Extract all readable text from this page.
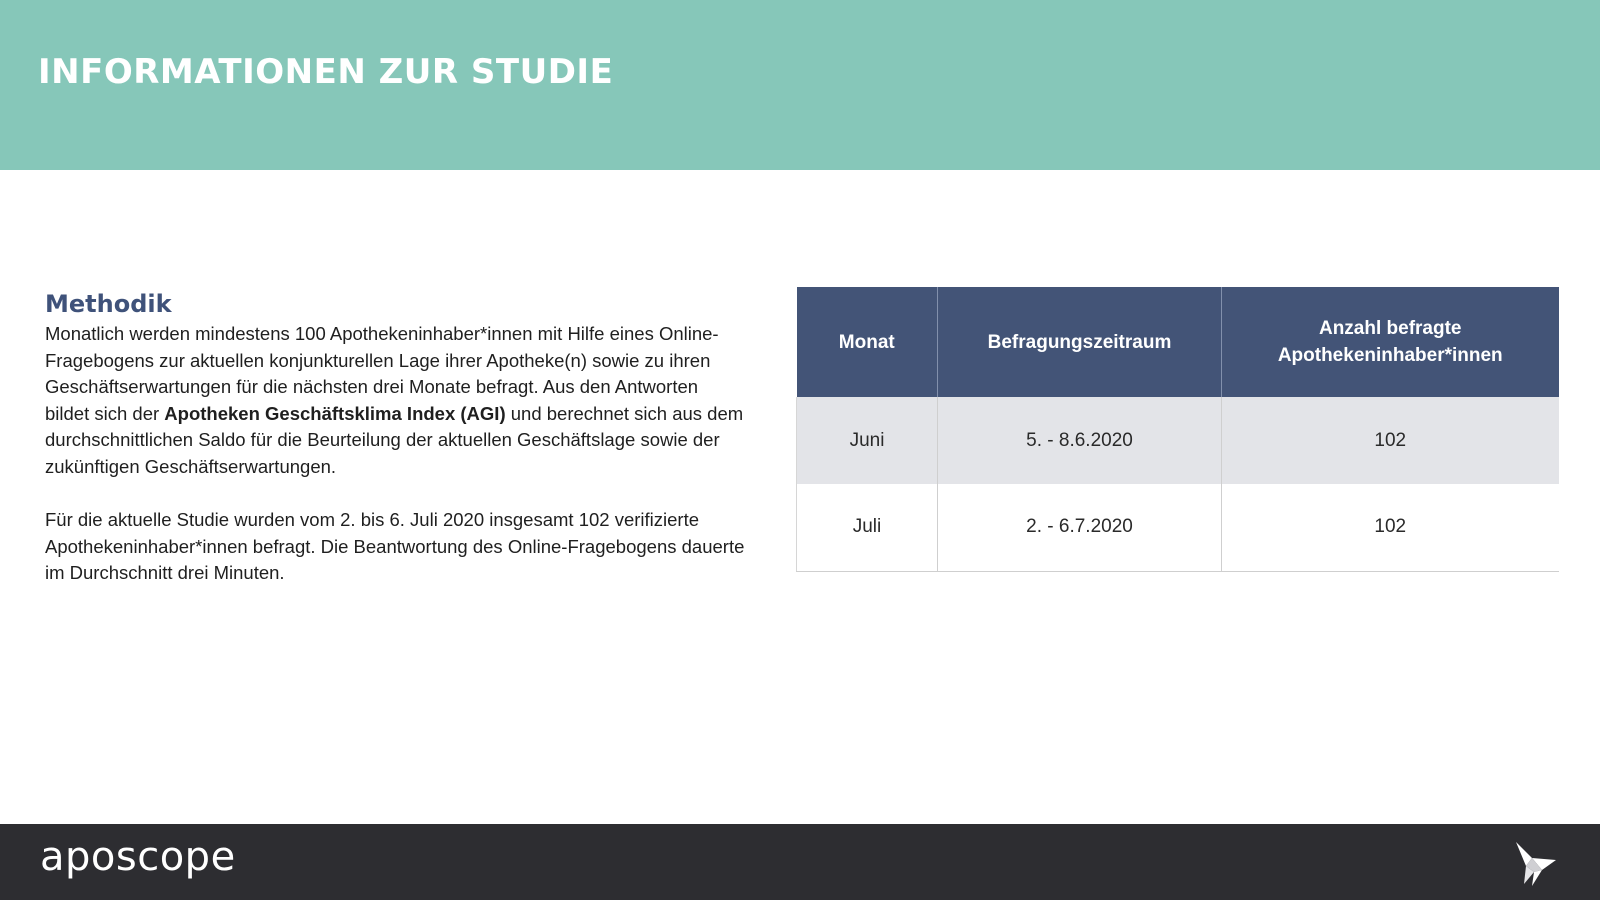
INFORMATIONEN ZUR STUDIE
Methodik

Monatlich werden mindestens 100 Apothekeninhaber*innen mit Hilfe eines Online-Fragebogens zur aktuellen konjunkturellen Lage ihrer Apotheke(n) sowie zu ihren Geschäftserwartungen für die nächsten drei Monate befragt. Aus den Antworten bildet sich der Apotheken Geschäftsklima Index (AGI) und berechnet sich aus dem durchschnittlichen Saldo für die Beurteilung der aktuellen Geschäftslage sowie der zukünftigen Geschäftserwartungen.

Für die aktuelle Studie wurden vom 2. bis 6. Juli 2020 insgesamt 102 verifizierte Apothekeninhaber*innen befragt. Die Beantwortung des Online-Fragebogens dauerte im Durchschnitt drei Minuten.

Monat	Befragungszeitraum	Anzahl befragte Apothekeninhaber*innen
Juni	5. - 8.6.2020	102
Juli	2. - 6.7.2020	102
aposcope
